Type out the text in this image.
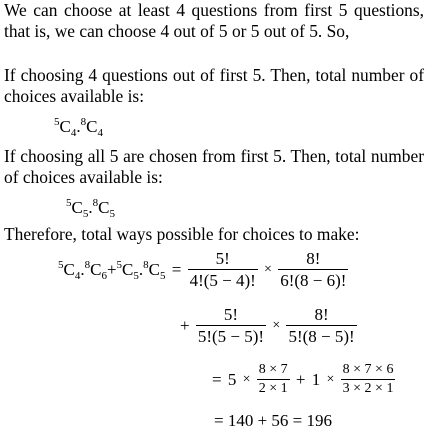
We can choose at least 4 questions from first 5 questions, that is, we can choose 4 out of 5 or 5 out of 5. So,
If choosing 4 questions out of first 5. Then, total number of choices available is:
$^5C_4.^8C_4$
If choosing all 5 are chosen from first 5. Then, total number of choices available is:
$^5C_5.^8C_5$
Therefore, total ways possible for choices to make:
$^5C_4.^8C_6+^5C_5.^8C_5 = \frac{5!}{4!(5 - 4)!} \times \frac{8!}{6!(8 - 6)!}$
+ $\frac{5!}{5!(5 - 5)!} \times \frac{8!}{5!(8 - 5)!}$
= $5 \times \frac{8 \times 7}{2 \times 1} + 1 \times \frac{8 \times 7 \times 6}{3 \times 2 \times 1}$
= 140 + 56 = 196
